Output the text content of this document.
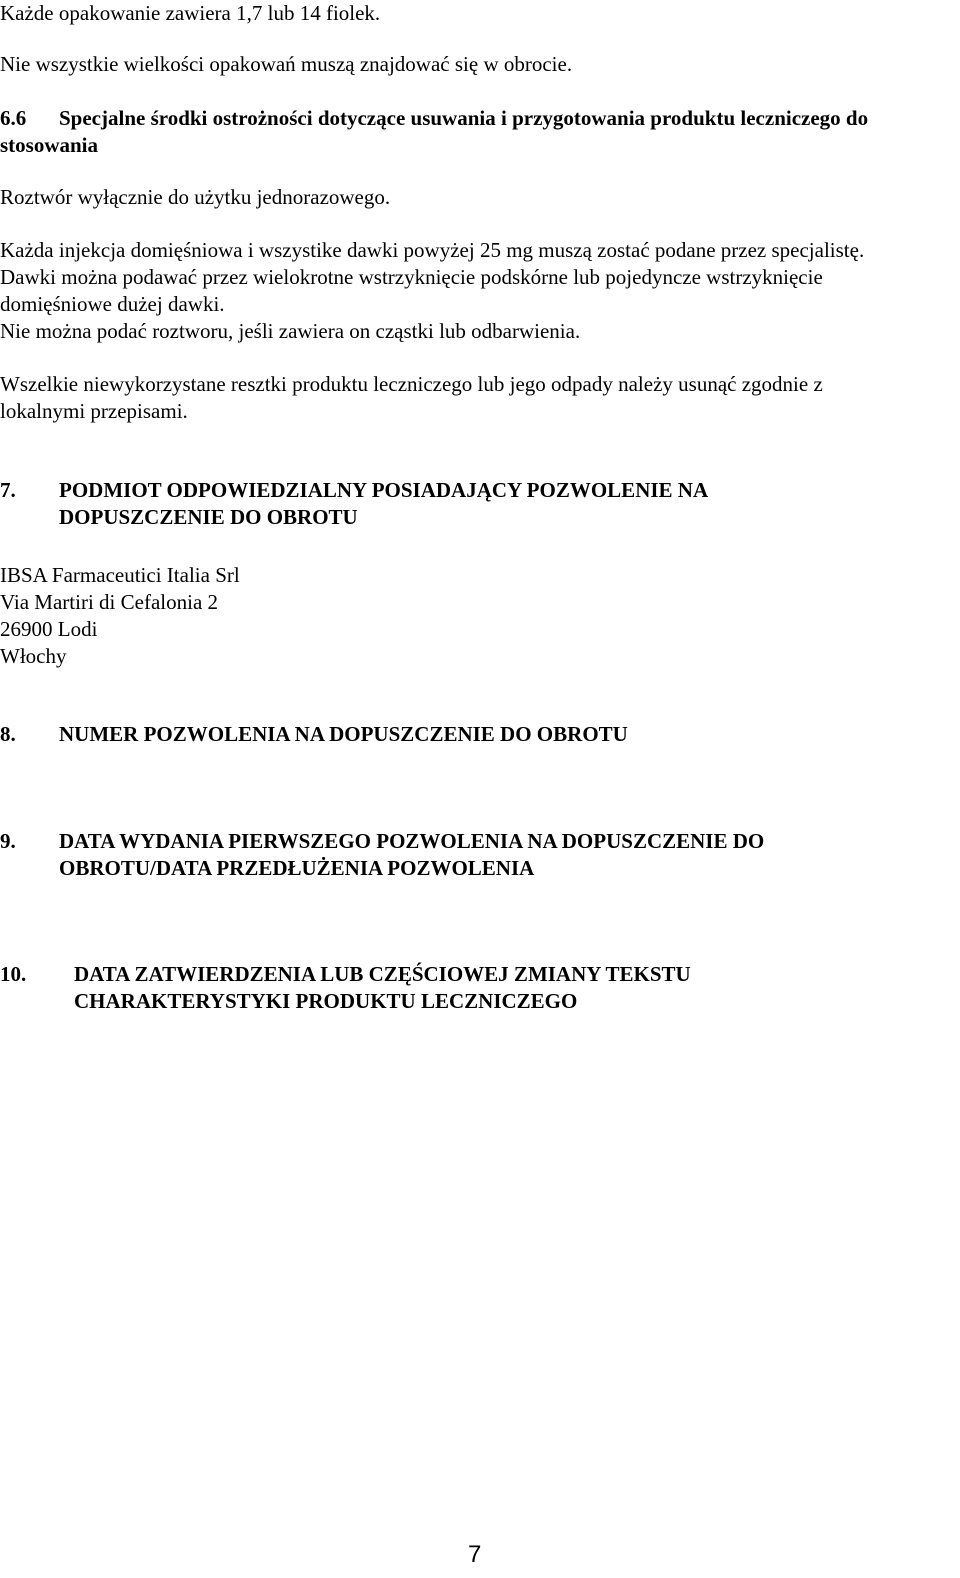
Każde opakowanie zawiera 1,7 lub 14 fiolek.

Nie wszystkie wielkości opakowań muszą znajdować się w obrocie.

6.6 Specjalne środki ostrożności dotyczące usuwania i przygotowania produktu leczniczego do
stosowania

Roztwór wyłącznie do użytku jednorazowego.

Każda injekcja domięśniowa i wszystike dawki powyżej 25 mg muszą zostać podane przez specjalistę.

Dawki można podawać przez wielokrotne wstrzyknięcie podskórne lub pojedyncze wstrzyknięcie

domięśniowe dużej dawki.

Nie można podać roztworu, jeśli zawiera on cząstki lub odbarwienia.

Wszelkie niewykorzystane resztki produktu leczniczego lub jego odpady należy usunąć zgodnie z

lokalnymi przepisami.

7. PODMIOT ODPOWIEDZIALNY POSIADAJĄCY POZWOLENIE NA
DOPUSZCZENIE DO OBROTU

IBSA Farmaceutici Italia Srl

Via Martiri di Cefalonia 2

26900 Lodi

Włochy

8. NUMER POZWOLENIA NA DOPUSZCZENIE DO OBROTU
9. DATA WYDANIA PIERWSZEGO POZWOLENIA NA DOPUSZCZENIE DO
OBROTU/DATA PRZEDŁUŻENIA POZWOLENIA
10. DATA ZATWIERDZENIA LUB CZĘŚCIOWEJ ZMIANY TEKSTU
CHARAKTERYSTYKI PRODUKTU LECZNICZEGO
7
